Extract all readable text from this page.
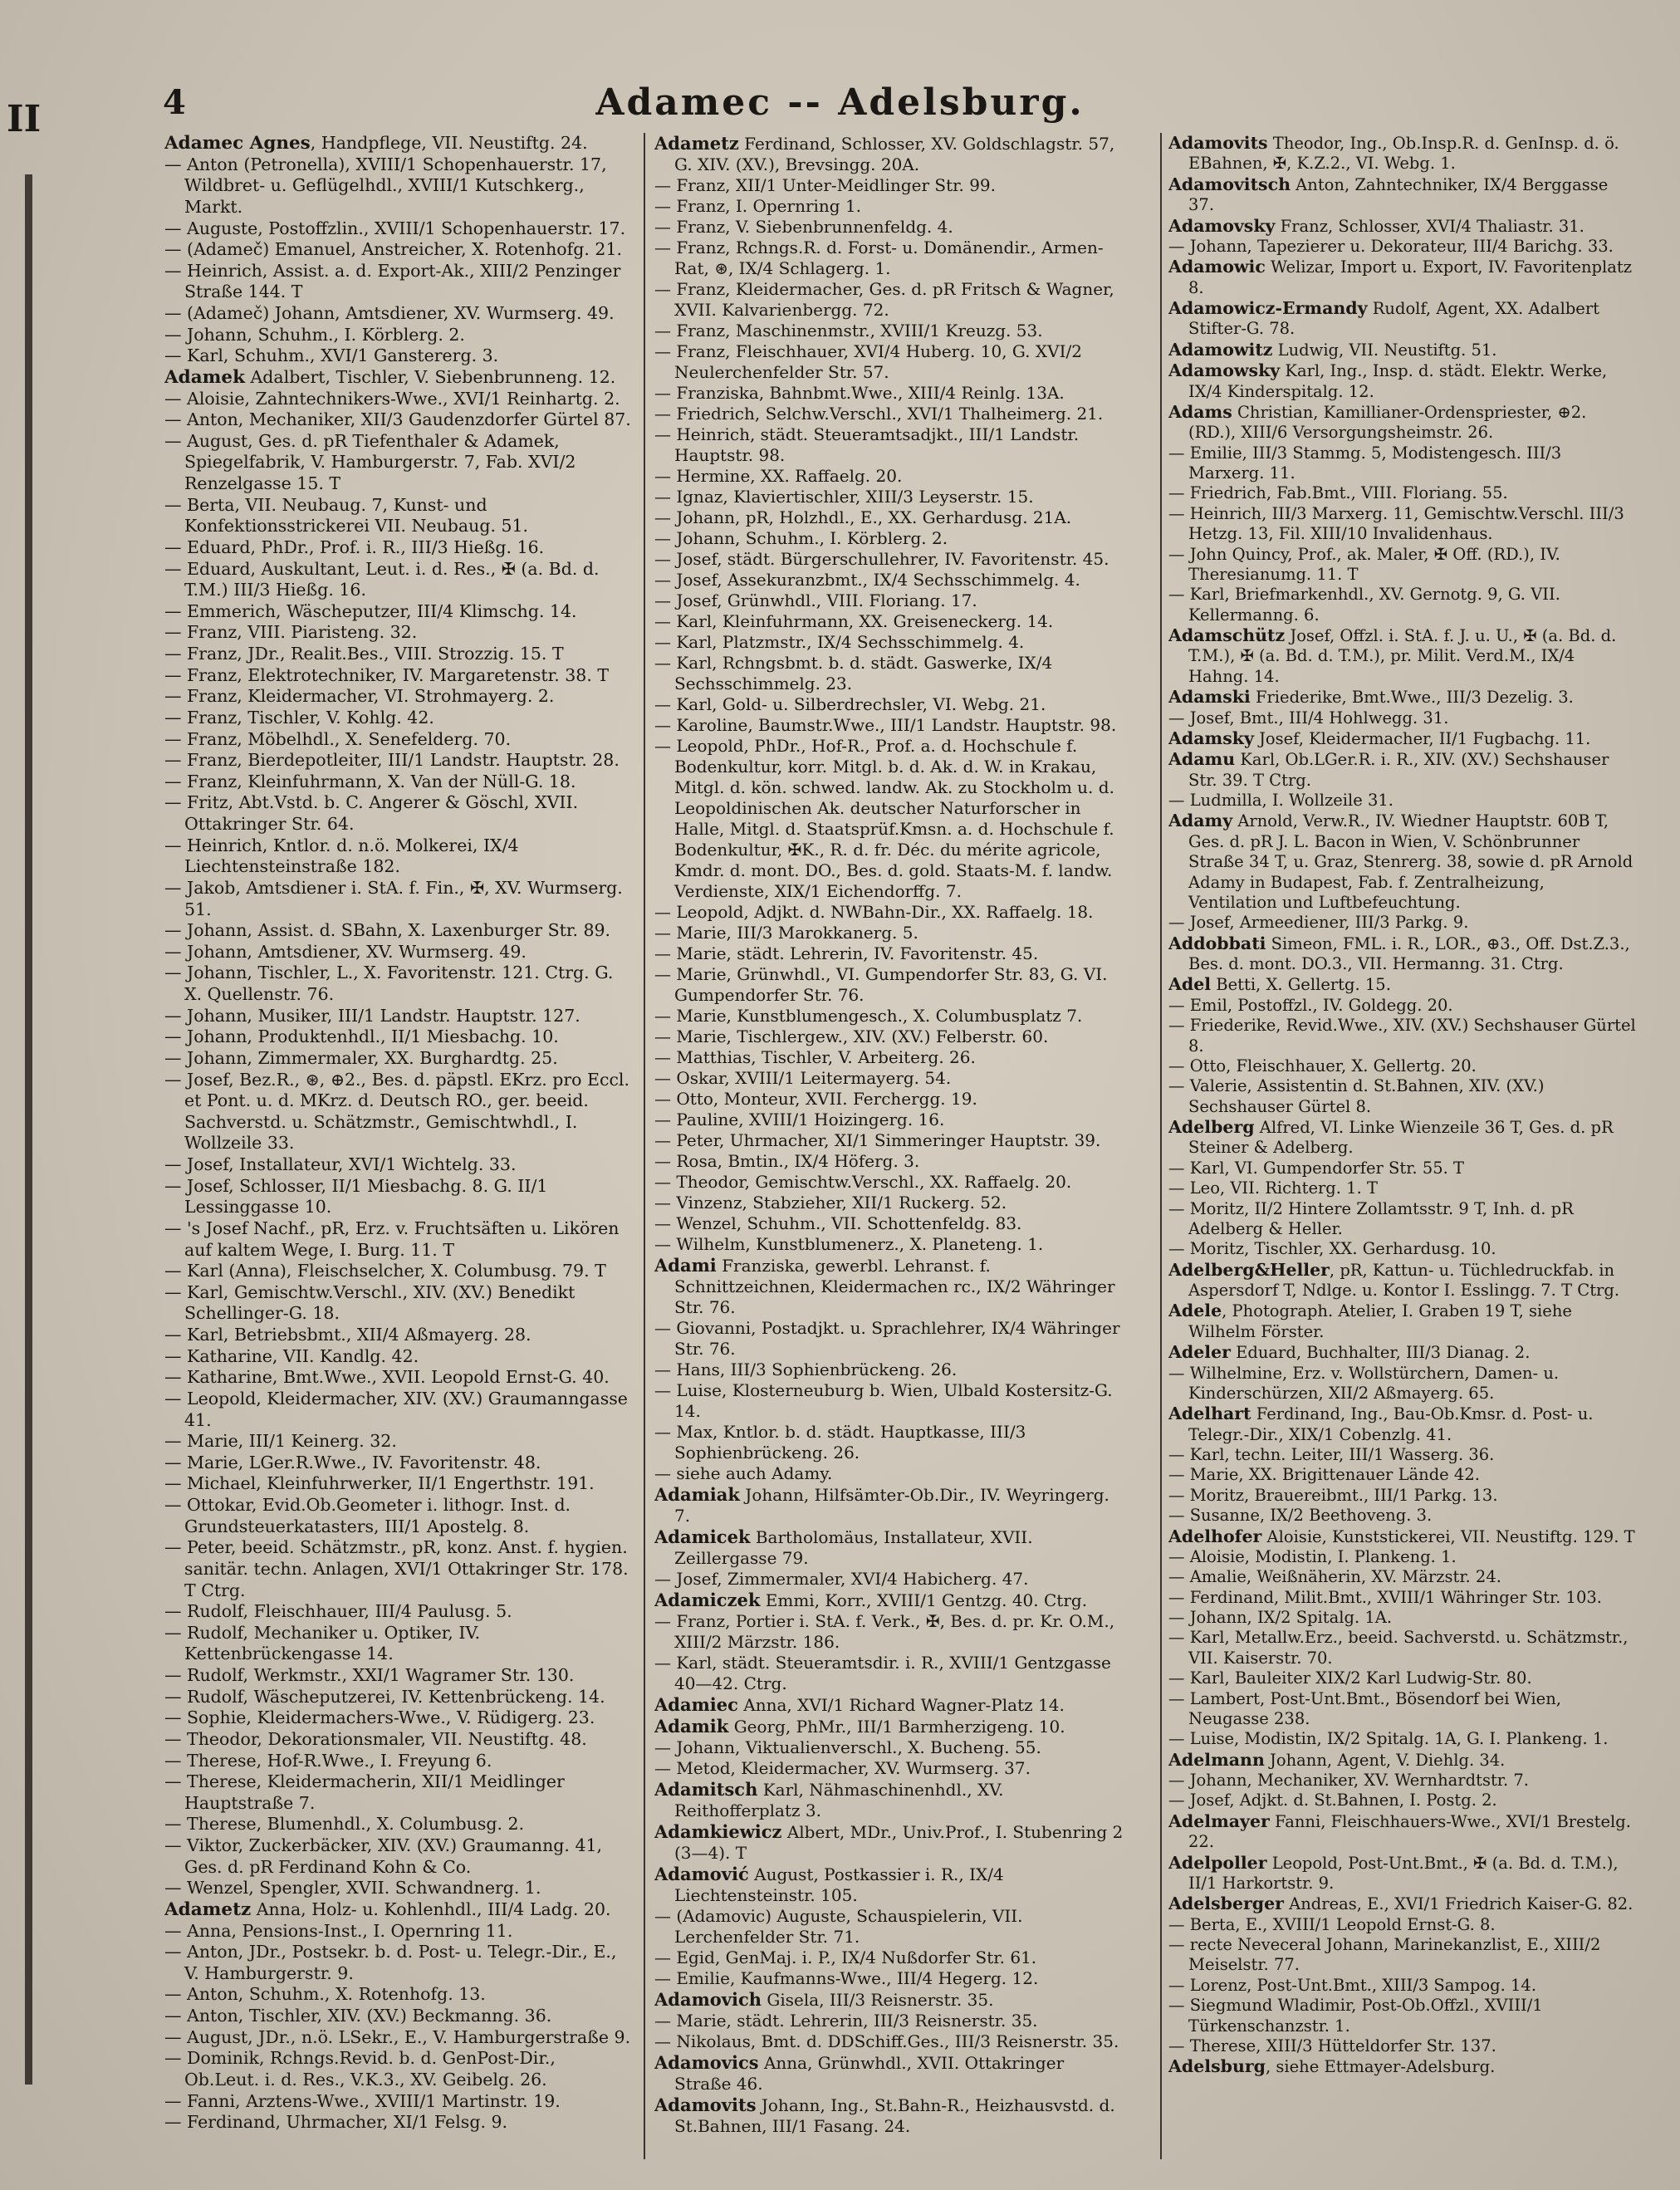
II	4	Adamec -- Adelsburg.

Adamec Agnes, Handpflege, VII. Neustiftg. 24.

— Anton (Petronella), XVIII/1 Schopenhauerstr. 17, Wildbret- u. Geflügelhdl., XVIII/1 Kutschkerg., Markt.

— Auguste, Postoffzlin., XVIII/1 Schopenhauerstr. 17.

— (Adameč) Emanuel, Anstreicher, X. Rotenhofg. 21.

— Heinrich, Assist. a. d. Export-Ak., XIII/2 Penzinger Straße 144. T

— (Adameč) Johann, Amtsdiener, XV. Wurmserg. 49.

— Johann, Schuhm., I. Körblerg. 2.

— Karl, Schuhm., XVI/1 Ganstererg. 3.

Adamek Adalbert, Tischler, V. Siebenbrunneng. 12.

— Aloisie, Zahntechnikers-Wwe., XVI/1 Reinhartg. 2.

— Anton, Mechaniker, XII/3 Gaudenzdorfer Gürtel 87.

— August, Ges. d. pR Tiefenthaler & Adamek, Spiegelfabrik, V. Hamburgerstr. 7, Fab. XVI/2 Renzelgasse 15. T

— Berta, VII. Neubaug. 7, Kunst- und Konfektionsstrickerei VII. Neubaug. 51.

— Eduard, PhDr., Prof. i. R., III/3 Hießg. 16.

— Eduard, Auskultant, Leut. i. d. Res., ✠ (a. Bd. d. T.M.) III/3 Hießg. 16.

— Emmerich, Wäscheputzer, III/4 Klimschg. 14.

— Franz, VIII. Piaristeng. 32.

— Franz, JDr., Realit.Bes., VIII. Strozzig. 15. T

— Franz, Elektrotechniker, IV. Margaretenstr. 38. T

— Franz, Kleidermacher, VI. Strohmayerg. 2.

— Franz, Tischler, V. Kohlg. 42.

— Franz, Möbelhdl., X. Senefelderg. 70.

— Franz, Bierdepotleiter, III/1 Landstr. Hauptstr. 28.

— Franz, Kleinfuhrmann, X. Van der Nüll-G. 18.

— Fritz, Abt.Vstd. b. C. Angerer & Göschl, XVII. Ottakringer Str. 64.

— Heinrich, Kntlor. d. n.ö. Molkerei, IX/4 Liechtensteinstraße 182.

— Jakob, Amtsdiener i. StA. f. Fin., ✠, XV. Wurmserg. 51.

— Johann, Assist. d. SBahn, X. Laxenburger Str. 89.

— Johann, Amtsdiener, XV. Wurmserg. 49.

— Johann, Tischler, L., X. Favoritenstr. 121. Ctrg. G. X. Quellenstr. 76.

— Johann, Musiker, III/1 Landstr. Hauptstr. 127.

— Johann, Produktenhdl., II/1 Miesbachg. 10.

— Johann, Zimmermaler, XX. Burghardtg. 25.

— Josef, Bez.R., ⊛, ⊕2., Bes. d. päpstl. EKrz. pro Eccl. et Pont. u. d. MKrz. d. Deutsch RO., ger. beeid. Sachverstd. u. Schätzmstr., Gemischtwhdl., I. Wollzeile 33.

— Josef, Installateur, XVI/1 Wichtelg. 33.

— Josef, Schlosser, II/1 Miesbachg. 8. G. II/1 Lessinggasse 10.

— 's Josef Nachf., pR, Erz. v. Fruchtsäften u. Likören auf kaltem Wege, I. Burg. 11. T

— Karl (Anna), Fleischselcher, X. Columbusg. 79. T

— Karl, Gemischtw.Verschl., XIV. (XV.) Benedikt Schellinger-G. 18.

— Karl, Betriebsbmt., XII/4 Aßmayerg. 28.

— Katharine, VII. Kandlg. 42.

— Katharine, Bmt.Wwe., XVII. Leopold Ernst-G. 40.

— Leopold, Kleidermacher, XIV. (XV.) Graumanngasse 41.

— Marie, III/1 Keinerg. 32.

— Marie, LGer.R.Wwe., IV. Favoritenstr. 48.

— Michael, Kleinfuhrwerker, II/1 Engerthstr. 191.

— Ottokar, Evid.Ob.Geometer i. lithogr. Inst. d. Grundsteuerkatasters, III/1 Apostelg. 8.

— Peter, beeid. Schätzmstr., pR, konz. Anst. f. hygien. sanitär. techn. Anlagen, XVI/1 Ottakringer Str. 178. T Ctrg.

— Rudolf, Fleischhauer, III/4 Paulusg. 5.

— Rudolf, Mechaniker u. Optiker, IV. Kettenbrückengasse 14.

— Rudolf, Werkmstr., XXI/1 Wagramer Str. 130.

— Rudolf, Wäscheputzerei, IV. Kettenbrückeng. 14.

— Sophie, Kleidermachers-Wwe., V. Rüdigerg. 23.

— Theodor, Dekorationsmaler, VII. Neustiftg. 48.

— Therese, Hof-R.Wwe., I. Freyung 6.

— Therese, Kleidermacherin, XII/1 Meidlinger Hauptstraße 7.

— Therese, Blumenhdl., X. Columbusg. 2.

— Viktor, Zuckerbäcker, XIV. (XV.) Graumanng. 41, Ges. d. pR Ferdinand Kohn & Co.

— Wenzel, Spengler, XVII. Schwandnerg. 1.

Adametz Anna, Holz- u. Kohlenhdl., III/4 Ladg. 20.

— Anna, Pensions-Inst., I. Opernring 11.

— Anton, JDr., Postsekr. b. d. Post- u. Telegr.-Dir., E., V. Hamburgerstr. 9.

— Anton, Schuhm., X. Rotenhofg. 13.

— Anton, Tischler, XIV. (XV.) Beckmanng. 36.

— August, JDr., n.ö. LSekr., E., V. Hamburgerstraße 9.

— Dominik, Rchngs.Revid. b. d. GenPost-Dir., Ob.Leut. i. d. Res., V.K.3., XV. Geibelg. 26.

— Fanni, Arztens-Wwe., XVIII/1 Martinstr. 19.

— Ferdinand, Uhrmacher, XI/1 Felsg. 9.

Adametz Ferdinand, Schlosser, XV. Goldschlagstr. 57, G. XIV. (XV.), Brevsingg. 20A.

— Franz, XII/1 Unter-Meidlinger Str. 99.

— Franz, I. Opernring 1.

— Franz, V. Siebenbrunnenfeldg. 4.

— Franz, Rchngs.R. d. Forst- u. Domänendir., Armen-Rat, ⊛, IX/4 Schlagerg. 1.

— Franz, Kleidermacher, Ges. d. pR Fritsch & Wagner, XVII. Kalvarienbergg. 72.

— Franz, Maschinenmstr., XVIII/1 Kreuzg. 53.

— Franz, Fleischhauer, XVI/4 Huberg. 10, G. XVI/2 Neulerchenfelder Str. 57.

— Franziska, Bahnbmt.Wwe., XIII/4 Reinlg. 13A.

— Friedrich, Selchw.Verschl., XVI/1 Thalheimerg. 21.

— Heinrich, städt. Steueramtsadjkt., III/1 Landstr. Hauptstr. 98.

— Hermine, XX. Raffaelg. 20.

— Ignaz, Klaviertischler, XIII/3 Leyserstr. 15.

— Johann, pR, Holzhdl., E., XX. Gerhardusg. 21A.

— Johann, Schuhm., I. Körblerg. 2.

— Josef, städt. Bürgerschullehrer, IV. Favoritenstr. 45.

— Josef, Assekuranzbmt., IX/4 Sechsschimmelg. 4.

— Josef, Grünwhdl., VIII. Floriang. 17.

— Karl, Kleinfuhrmann, XX. Greiseneckerg. 14.

— Karl, Platzmstr., IX/4 Sechsschimmelg. 4.

— Karl, Rchngsbmt. b. d. städt. Gaswerke, IX/4 Sechsschimmelg. 23.

— Karl, Gold- u. Silberdrechsler, VI. Webg. 21.

— Karoline, Baumstr.Wwe., III/1 Landstr. Hauptstr. 98.

— Leopold, PhDr., Hof-R., Prof. a. d. Hochschule f. Bodenkultur, korr. Mitgl. b. d. Ak. d. W. in Krakau, Mitgl. d. kön. schwed. landw. Ak. zu Stockholm u. d. Leopoldinischen Ak. deutscher Naturforscher in Halle, Mitgl. d. Staatsprüf.Kmsn. a. d. Hochschule f. Bodenkultur, ✠K., R. d. fr. Déc. du mérite agricole, Kmdr. d. mont. DO., Bes. d. gold. Staats-M. f. landw. Verdienste, XIX/1 Eichendorffg. 7.

— Leopold, Adjkt. d. NWBahn-Dir., XX. Raffaelg. 18.

— Marie, III/3 Marokkanerg. 5.

— Marie, städt. Lehrerin, IV. Favoritenstr. 45.

— Marie, Grünwhdl., VI. Gumpendorfer Str. 83, G. VI. Gumpendorfer Str. 76.

— Marie, Kunstblumengesch., X. Columbusplatz 7.

— Marie, Tischlergew., XIV. (XV.) Felberstr. 60.

— Matthias, Tischler, V. Arbeiterg. 26.

— Oskar, XVIII/1 Leitermayerg. 54.

— Otto, Monteur, XVII. Ferchergg. 19.

— Pauline, XVIII/1 Hoizingerg. 16.

— Peter, Uhrmacher, XI/1 Simmeringer Hauptstr. 39.

— Rosa, Bmtin., IX/4 Höferg. 3.

— Theodor, Gemischtw.Verschl., XX. Raffaelg. 20.

— Vinzenz, Stabzieher, XII/1 Ruckerg. 52.

— Wenzel, Schuhm., VII. Schottenfeldg. 83.

— Wilhelm, Kunstblumenerz., X. Planeteng. 1.

Adami Franziska, gewerbl. Lehranst. f. Schnittzeichnen, Kleidermachen rc., IX/2 Währinger Str. 76.

— Giovanni, Postadjkt. u. Sprachlehrer, IX/4 Währinger Str. 76.

— Hans, III/3 Sophienbrückeng. 26.

— Luise, Klosterneuburg b. Wien, Ulbald Kostersitz-G. 14.

— Max, Kntlor. b. d. städt. Hauptkasse, III/3 Sophienbrückeng. 26.

— siehe auch Adamy.

Adamiak Johann, Hilfsämter-Ob.Dir., IV. Weyringerg. 7.

Adamicek Bartholomäus, Installateur, XVII. Zeillergasse 79.

— Josef, Zimmermaler, XVI/4 Habicherg. 47.

Adamiczek Emmi, Korr., XVIII/1 Gentzg. 40. Ctrg.

— Franz, Portier i. StA. f. Verk., ✠, Bes. d. pr. Kr. O.M., XIII/2 Märzstr. 186.

— Karl, städt. Steueramtsdir. i. R., XVIII/1 Gentzgasse 40—42. Ctrg.

Adamiec Anna, XVI/1 Richard Wagner-Platz 14.

Adamik Georg, PhMr., III/1 Barmherzigeng. 10.

— Johann, Viktualienverschl., X. Bucheng. 55.

— Metod, Kleidermacher, XV. Wurmserg. 37.

Adamitsch Karl, Nähmaschinenhdl., XV. Reithofferplatz 3.

Adamkiewicz Albert, MDr., Univ.Prof., I. Stubenring 2 (3—4). T

Adamović August, Postkassier i. R., IX/4 Liechtensteinstr. 105.

— (Adamovic) Auguste, Schauspielerin, VII. Lerchenfelder Str. 71.

— Egid, GenMaj. i. P., IX/4 Nußdorfer Str. 61.

— Emilie, Kaufmanns-Wwe., III/4 Hegerg. 12.

Adamovich Gisela, III/3 Reisnerstr. 35.

— Marie, städt. Lehrerin, III/3 Reisnerstr. 35.

— Nikolaus, Bmt. d. DDSchiff.Ges., III/3 Reisnerstr. 35.

Adamovics Anna, Grünwhdl., XVII. Ottakringer Straße 46.

Adamovits Johann, Ing., St.Bahn-R., Heizhausvstd. d. St.Bahnen, III/1 Fasang. 24.

Adamovits Theodor, Ing., Ob.Insp.R. d. GenInsp. d. ö. EBahnen, ✠, K.Z.2., VI. Webg. 1.

Adamovitsch Anton, Zahntechniker, IX/4 Berggasse 37.

Adamovsky Franz, Schlosser, XVI/4 Thaliastr. 31.

— Johann, Tapezierer u. Dekorateur, III/4 Barichg. 33.

Adamowic Welizar, Import u. Export, IV. Favoritenplatz 8.

Adamowicz-Ermandy Rudolf, Agent, XX. Adalbert Stifter-G. 78.

Adamowitz Ludwig, VII. Neustiftg. 51.

Adamowsky Karl, Ing., Insp. d. städt. Elektr. Werke, IX/4 Kinderspitalg. 12.

Adams Christian, Kamillianer-Ordenspriester, ⊕2. (RD.), XIII/6 Versorgungsheimstr. 26.

— Emilie, III/3 Stammg. 5, Modistengesch. III/3 Marxerg. 11.

— Friedrich, Fab.Bmt., VIII. Floriang. 55.

— Heinrich, III/3 Marxerg. 11, Gemischtw.Verschl. III/3 Hetzg. 13, Fil. XIII/10 Invalidenhaus.

— John Quincy, Prof., ak. Maler, ✠ Off. (RD.), IV. Theresianumg. 11. T

— Karl, Briefmarkenhdl., XV. Gernotg. 9, G. VII. Kellermanng. 6.

Adamschütz Josef, Offzl. i. StA. f. J. u. U., ✠ (a. Bd. d. T.M.), ✠ (a. Bd. d. T.M.), pr. Milit. Verd.M., IX/4 Hahng. 14.

Adamski Friederike, Bmt.Wwe., III/3 Dezelig. 3.

— Josef, Bmt., III/4 Hohlwegg. 31.

Adamsky Josef, Kleidermacher, II/1 Fugbachg. 11.

Adamu Karl, Ob.LGer.R. i. R., XIV. (XV.) Sechshauser Str. 39. T Ctrg.

— Ludmilla, I. Wollzeile 31.

Adamy Arnold, Verw.R., IV. Wiedner Hauptstr. 60B T, Ges. d. pR J. L. Bacon in Wien, V. Schönbrunner Straße 34 T, u. Graz, Stenrerg. 38, sowie d. pR Arnold Adamy in Budapest, Fab. f. Zentralheizung, Ventilation und Luftbefeuchtung.

— Josef, Armeediener, III/3 Parkg. 9.

Addobbati Simeon, FML. i. R., LOR., ⊕3., Off. Dst.Z.3., Bes. d. mont. DO.3., VII. Hermanng. 31. Ctrg.

Adel Betti, X. Gellertg. 15.

— Emil, Postoffzl., IV. Goldegg. 20.

— Friederike, Revid.Wwe., XIV. (XV.) Sechshauser Gürtel 8.

— Otto, Fleischhauer, X. Gellertg. 20.

— Valerie, Assistentin d. St.Bahnen, XIV. (XV.) Sechshauser Gürtel 8.

Adelberg Alfred, VI. Linke Wienzeile 36 T, Ges. d. pR Steiner & Adelberg.

— Karl, VI. Gumpendorfer Str. 55. T

— Leo, VII. Richterg. 1. T

— Moritz, II/2 Hintere Zollamtsstr. 9 T, Inh. d. pR Adelberg & Heller.

— Moritz, Tischler, XX. Gerhardusg. 10.

Adelberg&Heller, pR, Kattun- u. Tüchledruckfab. in Aspersdorf T, Ndlge. u. Kontor I. Esslingg. 7. T Ctrg.

Adele, Photograph. Atelier, I. Graben 19 T, siehe Wilhelm Förster.

Adeler Eduard, Buchhalter, III/3 Dianag. 2.

— Wilhelmine, Erz. v. Wollstürchern, Damen- u. Kinderschürzen, XII/2 Aßmayerg. 65.

Adelhart Ferdinand, Ing., Bau-Ob.Kmsr. d. Post- u. Telegr.-Dir., XIX/1 Cobenzlg. 41.

— Karl, techn. Leiter, III/1 Wasserg. 36.

— Marie, XX. Brigittenauer Lände 42.

— Moritz, Brauereibmt., III/1 Parkg. 13.

— Susanne, IX/2 Beethoveng. 3.

Adelhofer Aloisie, Kunststickerei, VII. Neustiftg. 129. T

— Aloisie, Modistin, I. Plankeng. 1.

— Amalie, Weißnäherin, XV. Märzstr. 24.

— Ferdinand, Milit.Bmt., XVIII/1 Währinger Str. 103.

— Johann, IX/2 Spitalg. 1A.

— Karl, Metallw.Erz., beeid. Sachverstd. u. Schätzmstr., VII. Kaiserstr. 70.

— Karl, Bauleiter XIX/2 Karl Ludwig-Str. 80.

— Lambert, Post-Unt.Bmt., Bösendorf bei Wien, Neugasse 238.

— Luise, Modistin, IX/2 Spitalg. 1A, G. I. Plankeng. 1.

Adelmann Johann, Agent, V. Diehlg. 34.

— Johann, Mechaniker, XV. Wernhardtstr. 7.

— Josef, Adjkt. d. St.Bahnen, I. Postg. 2.

Adelmayer Fanni, Fleischhauers-Wwe., XVI/1 Brestelg. 22.

Adelpoller Leopold, Post-Unt.Bmt., ✠ (a. Bd. d. T.M.), II/1 Harkortstr. 9.

Adelsberger Andreas, E., XVI/1 Friedrich Kaiser-G. 82.

— Berta, E., XVIII/1 Leopold Ernst-G. 8.

— recte Neveceral Johann, Marinekanzlist, E., XIII/2 Meiselstr. 77.

— Lorenz, Post-Unt.Bmt., XIII/3 Sampog. 14.

— Siegmund Wladimir, Post-Ob.Offzl., XVIII/1 Türkenschanzstr. 1.

— Therese, XIII/3 Hütteldorfer Str. 137.

Adelsburg, siehe Ettmayer-Adelsburg.
